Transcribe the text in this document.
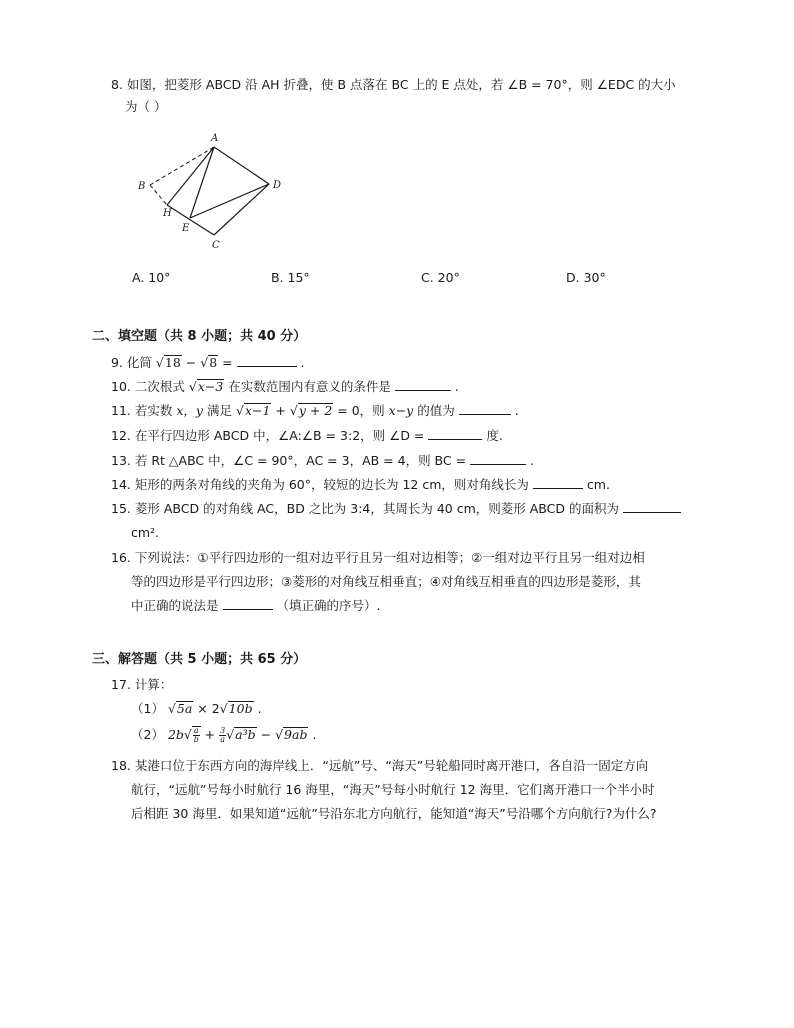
8. 如图，把菱形 ABCD 沿 AH 折叠，使 B 点落在 BC 上的 E 点处，若 ∠B = 70°，则 ∠EDC 的大小
为（ ）
A
B	D
H
E
C
A. 10°	B. 15°	C. 20°	D. 30°
二、填空题（共 8 小题；共 40 分）
9. 化简 √18 − √8 =	.
10. 二次根式 √x−3 在实数范围内有意义的条件是	.
11. 若实数 x，y 满足 √x−1 + √y + 2 = 0，则 x−y 的值为	.
12. 在平行四边形 ABCD 中，∠A:∠B = 3:2，则 ∠D =	度.
13. 若 Rt △ABC 中，∠C = 90°，AC = 3，AB = 4，则 BC =	.
14. 矩形的两条对角线的夹角为 60°，较短的边长为 12 cm，则对角线长为	cm.
15. 菱形 ABCD 的对角线 AC，BD 之比为 3:4，其周长为 40 cm，则菱形 ABCD 的面积为
cm².
16. 下列说法：①平行四边形的一组对边平行且另一组对边相等；②一组对边平行且另一组对边相
等的四边形是平行四边形；③菱形的对角线互相垂直；④对角线互相垂直的四边形是菱形，其
中正确的说法是	（填正确的序号）.
三、解答题（共 5 小题；共 65 分）
17. 计算：
（1） √5a × 2√10b .
（2） $2b√ \frac{a}{b} + \frac{3}{a} √a^3b - √9ab$ .
18. 某港口位于东西方向的海岸线上．“远航”号、“海天”号轮船同时离开港口，各自沿一固定方向
航行，“远航”号每小时航行 16 海里，“海天”号每小时航行 12 海里．它们离开港口一个半小时
后相距 30 海里．如果知道“远航”号沿东北方向航行，能知道“海天”号沿哪个方向航行?为什么?
